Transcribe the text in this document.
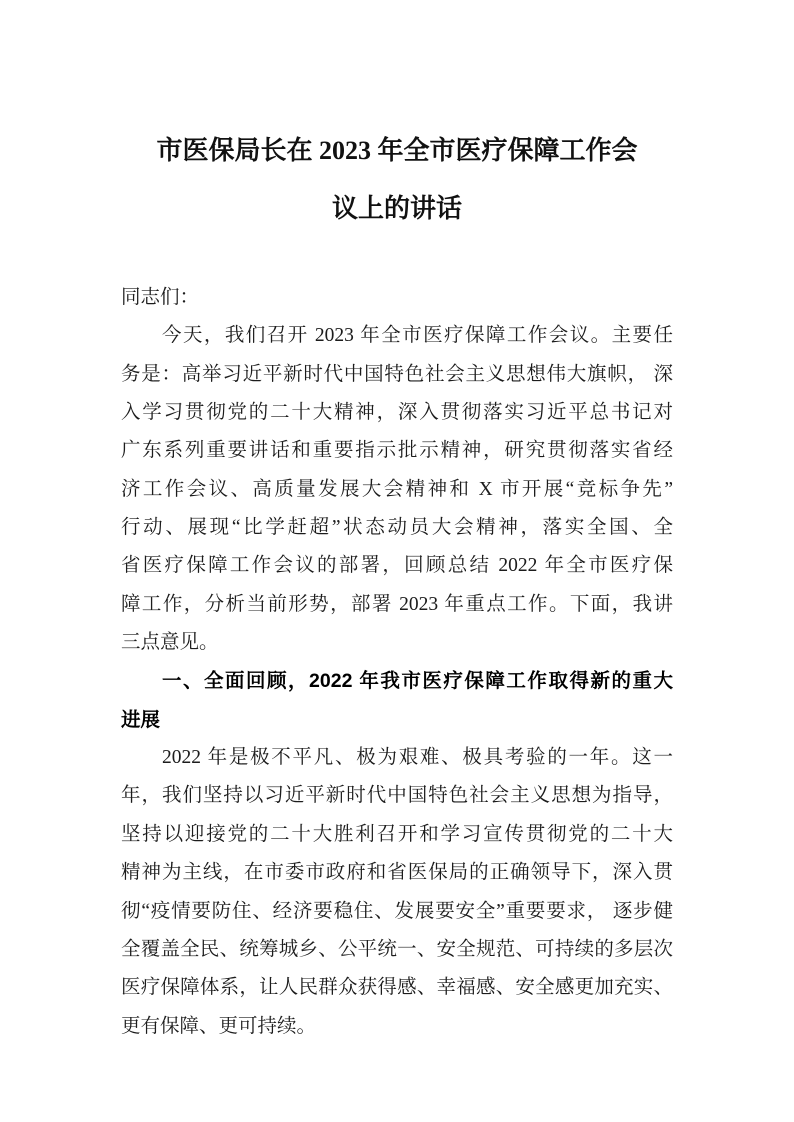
市医保局长在 2023 年全市医疗保障工作会
议上的讲话
同志们：
今天，我们召开 2023 年全市医疗保障工作会议。主要任
务是：高举习近平新时代中国特色社会主义思想伟大旗帜， 深
入学习贯彻党的二十大精神，深入贯彻落实习近平总书记对
广东系列重要讲话和重要指示批示精神，研究贯彻落实省经
济工作会议、高质量发展大会精神和 X 市开展“竞标争先”
行动、展现“比学赶超”状态动员大会精神，落实全国、全
省医疗保障工作会议的部署，回顾总结 2022 年全市医疗保
障工作，分析当前形势，部署 2023 年重点工作。下面，我讲
三点意见。
一、全面回顾，2022 年我市医疗保障工作取得新的重大
进展
2022 年是极不平凡、极为艰难、极具考验的一年。这一
年，我们坚持以习近平新时代中国特色社会主义思想为指导，
坚持以迎接党的二十大胜利召开和学习宣传贯彻党的二十大
精神为主线，在市委市政府和省医保局的正确领导下，深入贯
彻“疫情要防住、经济要稳住、发展要安全”重要要求， 逐步健
全覆盖全民、统筹城乡、公平统一、安全规范、可持续的多层次
医疗保障体系，让人民群众获得感、幸福感、安全感更加充实、
更有保障、更可持续。
